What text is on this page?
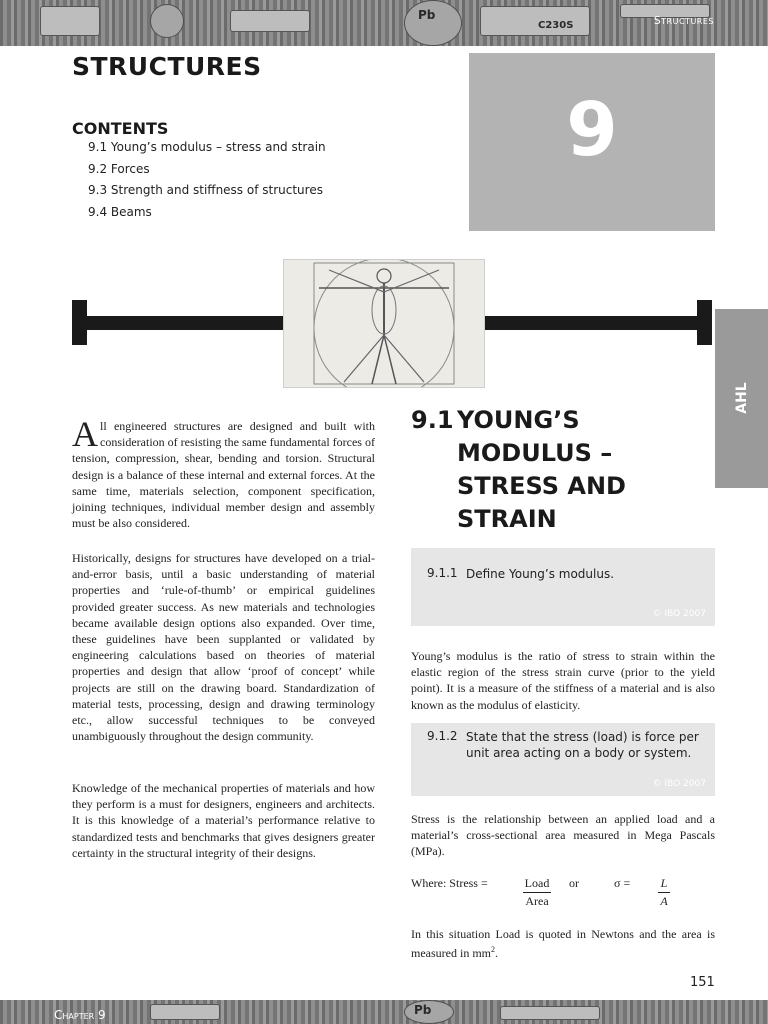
Pb
C230S	Structures
STRUCTURES
CONTENTS
9.1 Young’s modulus – stress and strain
9.2 Forces
9.3 Strength and stiffness of structures
9.4 Beams
9
AHL
All engineered structures are designed and built with consideration of resisting the same fundamental forces of tension, compression, shear, bending and torsion. Structural design is a balance of these internal and external forces. At the same time, materials selection, component specification, joining techniques, individual member design and assembly must be also considered.
Historically, designs for structures have developed on a trial-and-error basis, until a basic understanding of material properties and ‘rule-of-thumb’ or empirical guidelines provided greater success. As new materials and technologies became available design options also expanded. Over time, these guidelines have been supplanted or validated by engineering calculations based on theories of material properties and design that allow ‘proof of concept’ while projects are still on the drawing board. Standardization of material tests, processing, design and drawing terminology etc., allow successful techniques to be conveyed unambiguously throughout the design community.
Knowledge of the mechanical properties of materials and how they perform is a must for designers, engineers and architects. It is this knowledge of a material’s performance relative to standardized tests and benchmarks that gives designers greater certainty in the structural integrity of their designs.
9.1 YOUNG’S MODULUS – STRESS AND STRAIN
9.1.1 Define Young’s modulus.
© IBO 2007
Young’s modulus is the ratio of stress to strain within the elastic region of the stress strain curve (prior to the yield point). It is a measure of the stiffness of a material and is also known as the modulus of elasticity.
9.1.2 State that the stress (load) is force per unit area acting on a body or system.
© IBO 2007
Stress is the relationship between an applied load and a material’s cross-sectional area measured in Mega Pascals (MPa).
Where: Stress =	Load
Area
or	$\sigma = \frac{L}{A}$
In this situation Load is quoted in Newtons and the area is measured in $mm^2$.
151
Pb
Chapter 9
